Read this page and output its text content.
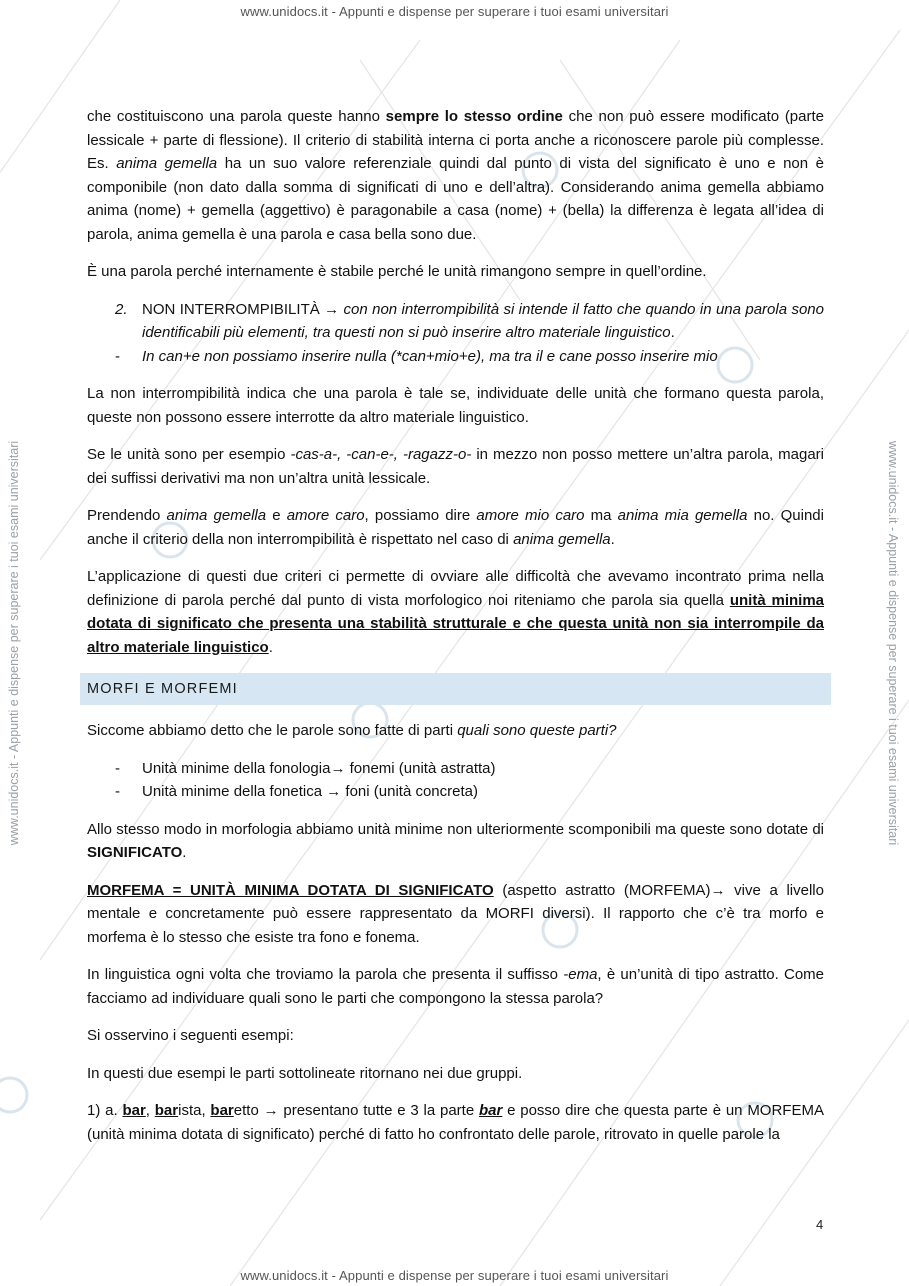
www.unidocs.it - Appunti e dispense per superare i tuoi esami universitari
www.unidocs.it - Appunti e dispense per superare i tuoi esami universitari
www.unidocs.it - Appunti e dispense per superare i tuoi esami universitari	www.unidocs.it - Appunti e dispense per superare i tuoi esami universitari

che costituiscono una parola queste hanno sempre lo stesso ordine che non può essere modificato (parte lessicale + parte di flessione). Il criterio di stabilità interna ci porta anche a riconoscere parole più complesse. Es. anima gemella ha un suo valore referenziale quindi dal punto di vista del significato è uno e non è componibile (non dato dalla somma di significati di uno e dell’altra). Considerando anima gemella abbiamo anima (nome) + gemella (aggettivo) è paragonabile a casa (nome) + (bella) la differenza è legata all’idea di parola, anima gemella è una parola e casa bella sono due.

È una parola perché internamente è stabile perché le unità rimangono sempre in quell’ordine.

2. NON INTERROMPIBILITÀ → con non interrompibilità si intende il fatto che quando in una parola sono identificabili più elementi, tra questi non si può inserire altro materiale linguistico.
- In can+e non possiamo inserire nulla (*can+mio+e), ma tra il e cane posso inserire mio

La non interrompibilità indica che una parola è tale se, individuate delle unità che formano questa parola, queste non possono essere interrotte da altro materiale linguistico.

Se le unità sono per esempio -cas-a-, -can-e-, -ragazz-o- in mezzo non posso mettere un’altra parola, magari dei suffissi derivativi ma non un’altra unità lessicale.

Prendendo anima gemella e amore caro, possiamo dire amore mio caro ma anima mia gemella no. Quindi anche il criterio della non interrompibilità è rispettato nel caso di anima gemella.

L’applicazione di questi due criteri ci permette di ovviare alle difficoltà che avevamo incontrato prima nella definizione di parola perché dal punto di vista morfologico noi riteniamo che parola sia quella unità minima dotata di significato che presenta una stabilità strutturale e che questa unità non sia interrompile da altro materiale linguistico.

MORFI E MORFEMI

Siccome abbiamo detto che le parole sono fatte di parti quali sono queste parti?

- Unità minime della fonologia→ fonemi (unità astratta)
- Unità minime della fonetica → foni (unità concreta)

Allo stesso modo in morfologia abbiamo unità minime non ulteriormente scomponibili ma queste sono dotate di SIGNIFICATO.

MORFEMA = UNITÀ MINIMA DOTATA DI SIGNIFICATO (aspetto astratto (MORFEMA)→ vive a livello mentale e concretamente può essere rappresentato da MORFI diversi). Il rapporto che c’è tra morfo e morfema è lo stesso che esiste tra fono e fonema.

In linguistica ogni volta che troviamo la parola che presenta il suffisso -ema, è un’unità di tipo astratto. Come facciamo ad individuare quali sono le parti che compongono la stessa parola?

Si osservino i seguenti esempi:

In questi due esempi le parti sottolineate ritornano nei due gruppi.

1) a. bar, barista, baretto → presentano tutte e 3 la parte bar e posso dire che questa parte è un MORFEMA (unità minima dotata di significato) perché di fatto ho confrontato delle parole, ritrovato in quelle parole la

4
